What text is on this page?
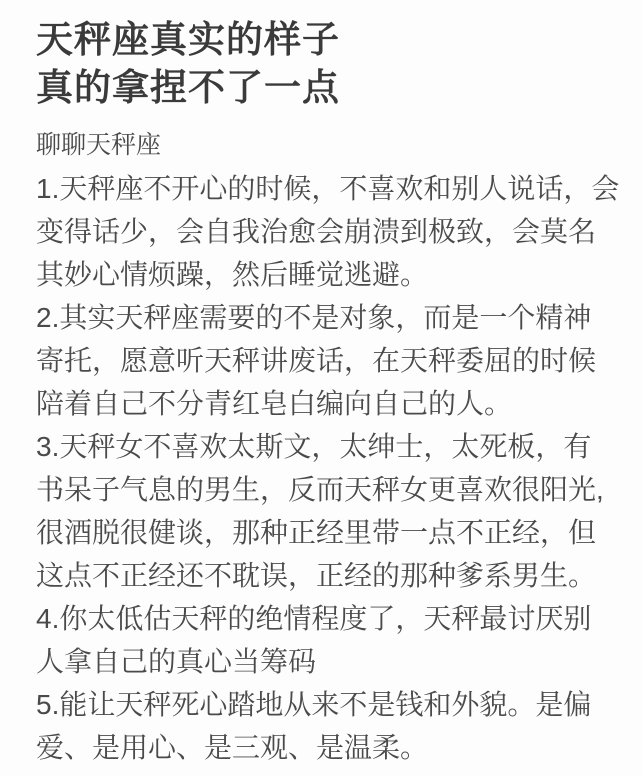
天秤座真实的样子
真的拿捏不了一点
聊聊天秤座
1.天秤座不开心的时候，不喜欢和别人说话，会
变得话少，会自我治愈会崩溃到极致，会莫名
其妙心情烦躁，然后睡觉逃避。
2.其实天秤座需要的不是对象，而是一个精神
寄托，愿意听天秤讲废话，在天秤委屈的时候
陪着自己不分青红皂白编向自己的人。
3.天秤女不喜欢太斯文，太绅士，太死板，有
书呆子气息的男生，反而天秤女更喜欢很阳光,
很酒脱很健谈，那种正经里带一点不正经，但
这点不正经还不耽误，正经的那种爹系男生。
4.你太低估天秤的绝情程度了，天秤最讨厌别
人拿自己的真心当筹码
5.能让天秤死心踏地从来不是钱和外貌。是偏
爱、是用心、是三观、是温柔。
